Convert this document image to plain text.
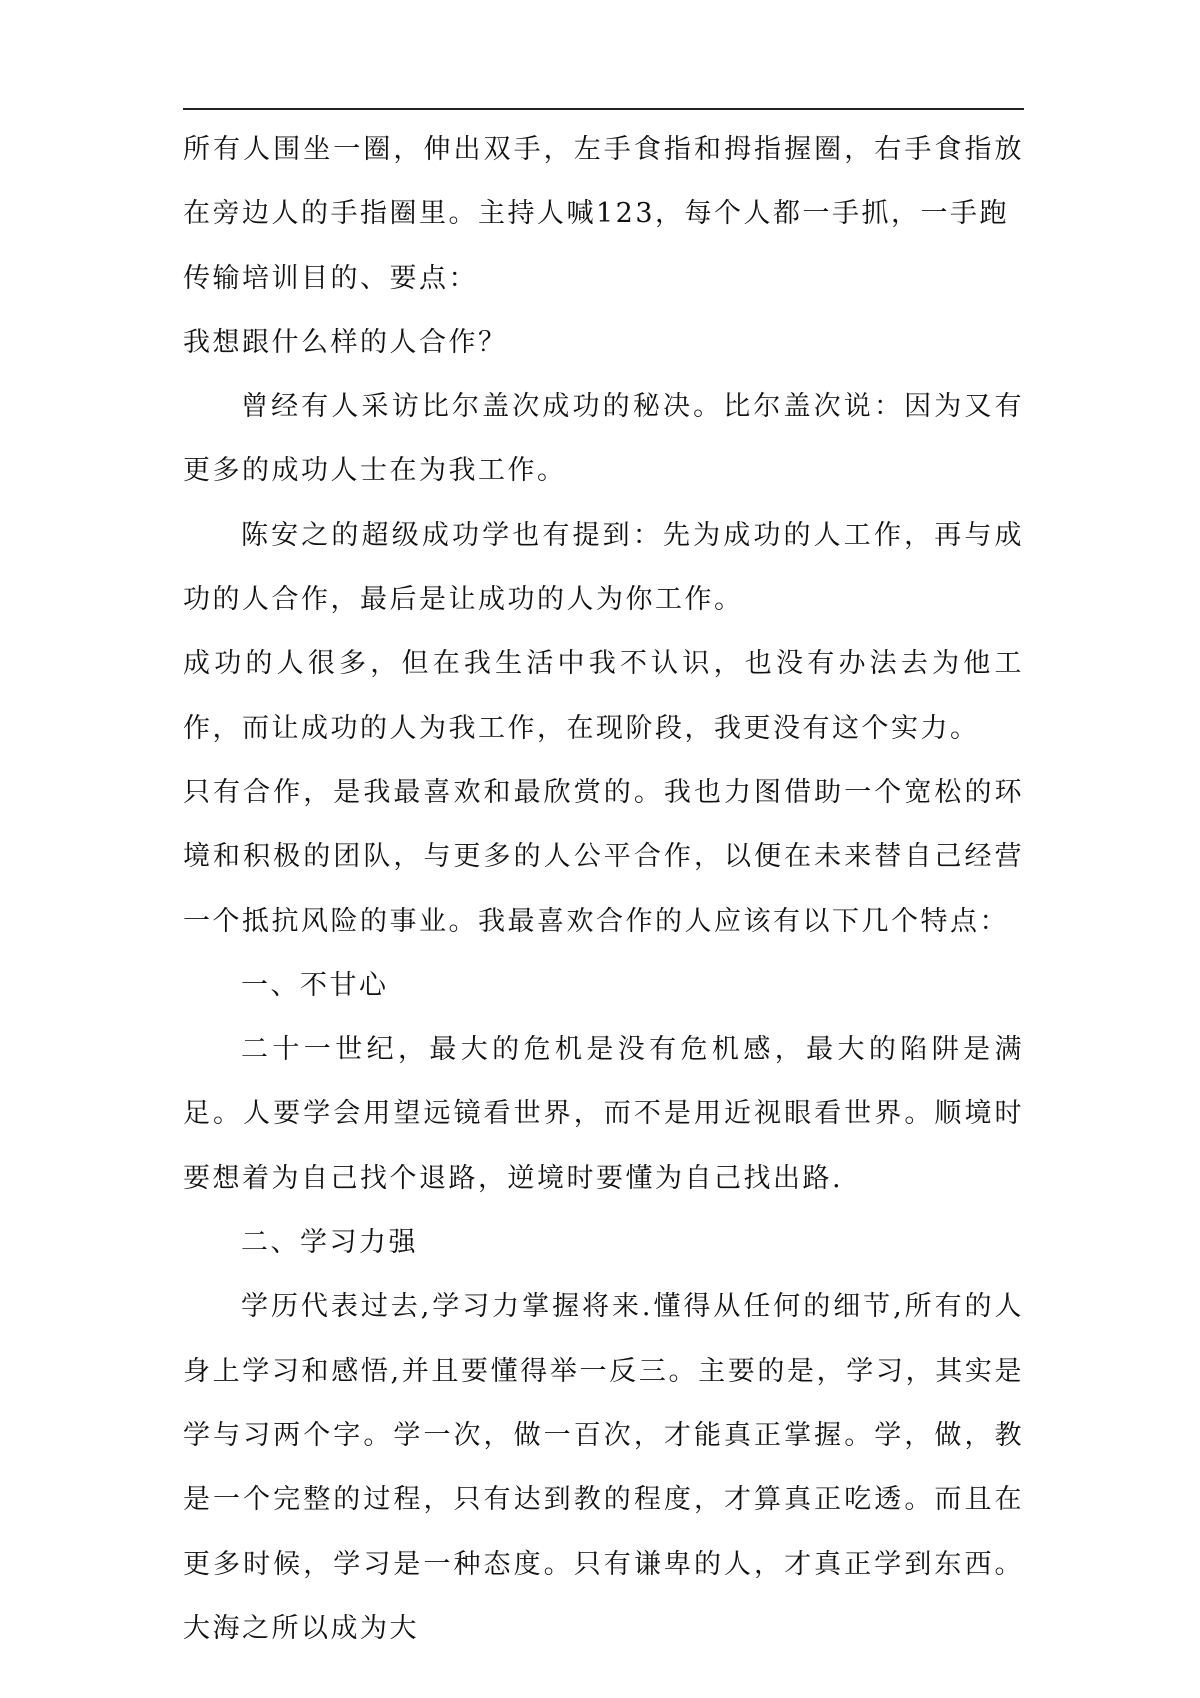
所有人围坐一圈，伸出双手，左手食指和拇指握圈，右手食指放在旁边人的手指圈里。主持人喊123，每个人都一手抓，一手跑

传输培训目的、要点：

我想跟什么样的人合作？

曾经有人采访比尔盖次成功的秘决。比尔盖次说：因为又有更多的成功人士在为我工作。

陈安之的超级成功学也有提到：先为成功的人工作，再与成功的人合作，最后是让成功的人为你工作。

成功的人很多，但在我生活中我不认识，也没有办法去为他工作，而让成功的人为我工作，在现阶段，我更没有这个实力。

只有合作，是我最喜欢和最欣赏的。我也力图借助一个宽松的环境和积极的团队，与更多的人公平合作，以便在未来替自己经营一个抵抗风险的事业。我最喜欢合作的人应该有以下几个特点：

一、不甘心

二十一世纪，最大的危机是没有危机感，最大的陷阱是满足。人要学会用望远镜看世界，而不是用近视眼看世界。顺境时要想着为自己找个退路，逆境时要懂为自己找出路.

二、学习力强

学历代表过去,学习力掌握将来.懂得从任何的细节,所有的人身上学习和感悟,并且要懂得举一反三。主要的是，学习，其实是学与习两个字。学一次，做一百次，才能真正掌握。学，做，教是一个完整的过程，只有达到教的程度，才算真正吃透。而且在更多时候，学习是一种态度。只有谦卑的人，才真正学到东西。大海之所以成为大
